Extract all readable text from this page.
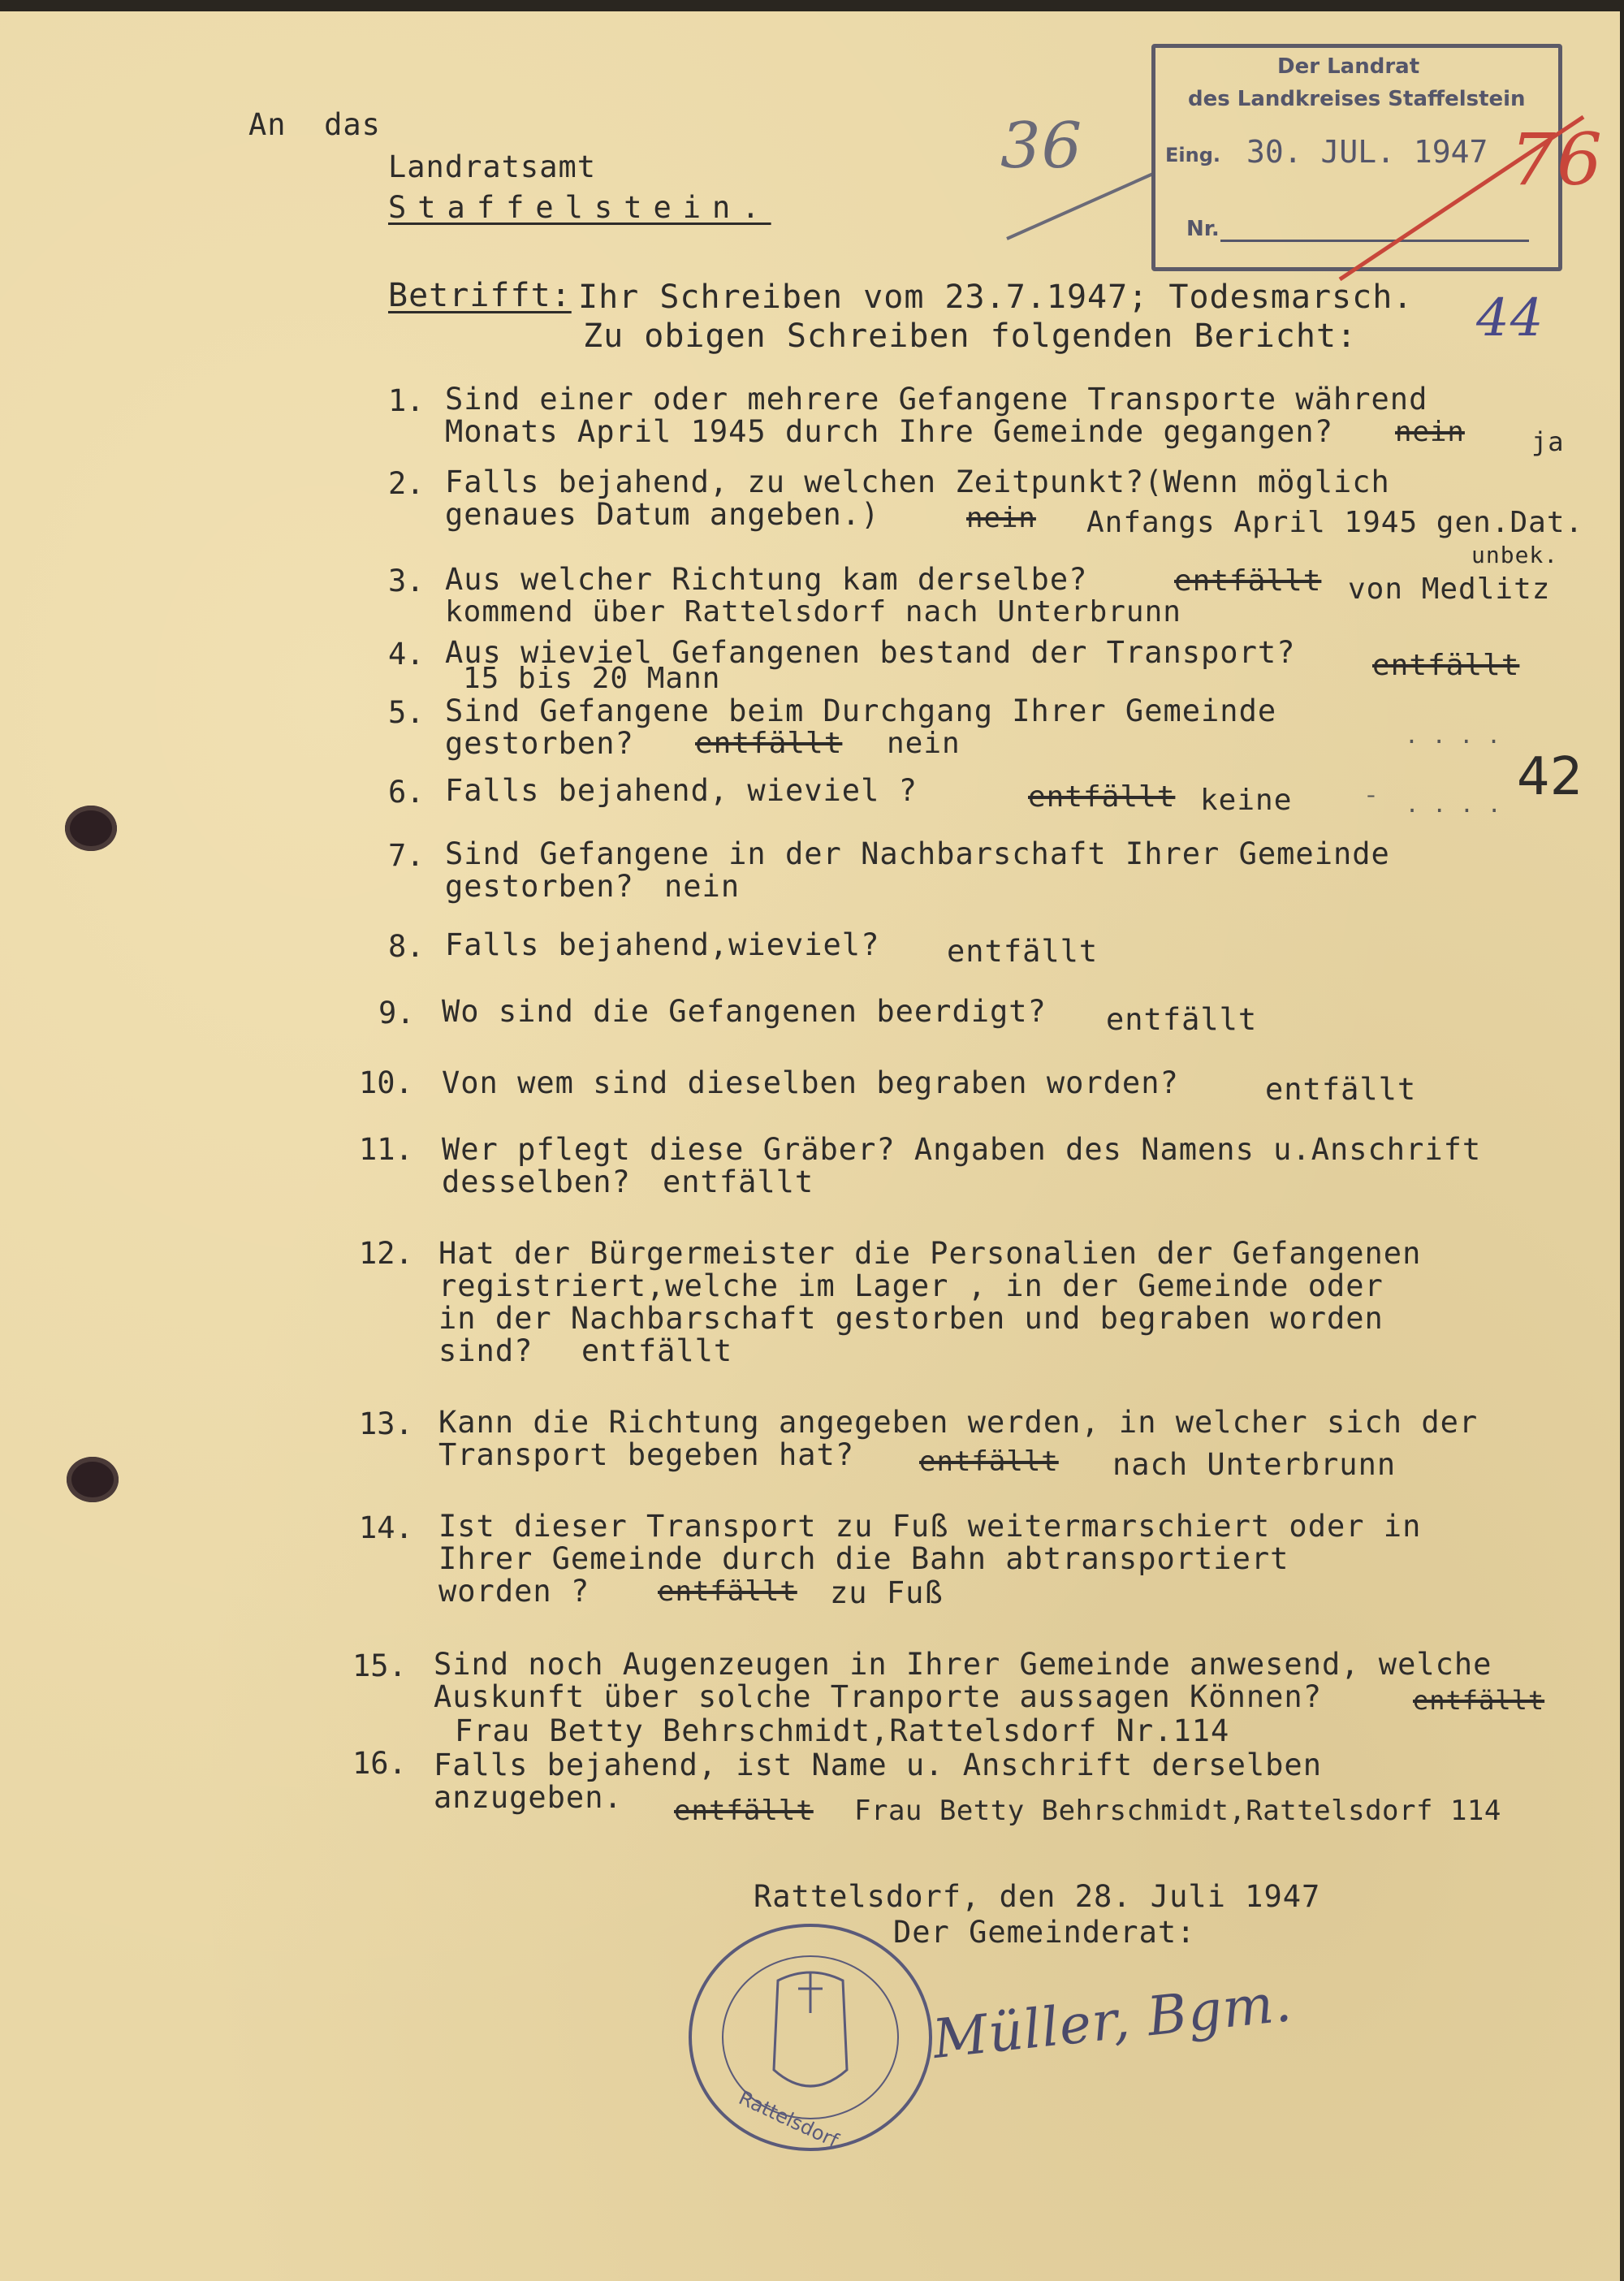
An  das
Landratsamt
Staffelstein.
36
Der Landrat
des Landkreises Staffelstein
Eing. 30. JUL. 1947
Nr.
76
Betrifft: Ihr Schreiben vom 23.7.1947; Todesmarsch.
Zu obigen Schreiben folgenden Bericht: 44
42
. . . .
¯  . . . .
1. Sind einer oder mehrere Gefangene Transporte während
Monats April 1945 durch Ihre Gemeinde gegangen?	nein	ja
2. Falls bejahend, zu welchen Zeitpunkt?(Wenn möglich
genaues Datum angeben.)	nein Anfangs April 1945 gen.Dat.
unbek.
3. Aus welcher Richtung kam derselbe?	entfällt von Medlitz
kommend über Rattelsdorf nach Unterbrunn
4. Aus wieviel Gefangenen bestand der Transport?	entfällt
15 bis 20 Mann
5. Sind Gefangene beim Durchgang Ihrer Gemeinde
gestorben?	entfällt nein
6. Falls bejahend, wieviel ?	entfällt keine
7. Sind Gefangene in der Nachbarschaft Ihrer Gemeinde
gestorben?	nein
8. Falls bejahend,wieviel? entfällt
9. Wo sind die Gefangenen beerdigt? entfällt
10. Von wem sind dieselben begraben worden?	entfällt
11. Wer pflegt diese Gräber? Angaben des Namens u.Anschrift
desselben?	entfällt
12. Hat der Bürgermeister die Personalien der Gefangenen
registriert,welche im Lager , in der Gemeinde oder
in der Nachbarschaft gestorben und begraben worden
sind?	entfällt
13. Kann die Richtung angegeben werden, in welcher sich der
Transport begeben hat?	entfällt nach Unterbrunn
14. Ist dieser Transport zu Fuß weitermarschiert oder in
Ihrer Gemeinde durch die Bahn abtransportiert
worden ?	entfällt zu Fuß
15. Sind noch Augenzeugen in Ihrer Gemeinde anwesend, welche
Auskunft über solche Tranporte aussagen Können?	entfällt
Frau Betty Behrschmidt,Rattelsdorf Nr.114
16. Falls bejahend, ist Name u. Anschrift derselben
anzugeben.	entfällt Frau Betty Behrschmidt,Rattelsdorf 114
Rattelsdorf, den 28. Juli 1947
Der Gemeinderat:
Rattelsdorf
Müller, Bgm.
